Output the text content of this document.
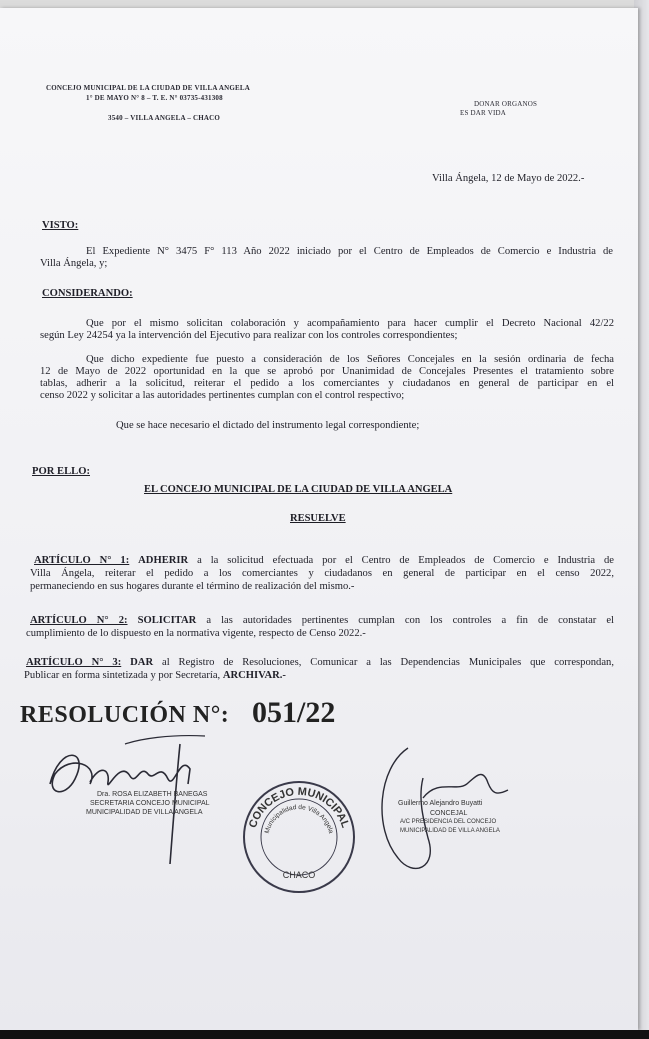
CONCEJO MUNICIPAL DE LA CIUDAD DE VILLA ANGELA
1° DE MAYO N° 8 – T. E. N° 03735-431308
3540 – VILLA ANGELA – CHACO
DONAR ORGANOS
ES DAR VIDA
Villa Ángela, 12 de Mayo de 2022.-
VISTO:
El Expediente N° 3475 F° 113 Año 2022 iniciado por el Centro de Empleados de Comercio e Industria de
Villa Ángela, y;
CONSIDERANDO:
Que por el mismo solicitan colaboración y acompañamiento para hacer cumplir el Decreto Nacional 42/22
según Ley 24254 ya la intervención del Ejecutivo para realizar con los controles correspondientes;
Que dicho expediente fue puesto a consideración de los Señores Concejales en la sesión ordinaria de fecha
12 de Mayo de 2022 oportunidad en la que se aprobó por Unanimidad de Concejales Presentes el tratamiento sobre
tablas, adherir a la solicitud, reiterar el pedido a los comerciantes y ciudadanos en general de participar en el
censo 2022 y solicitar a las autoridades pertinentes cumplan con el control respectivo;
Que se hace necesario el dictado del instrumento legal correspondiente;
POR ELLO:
EL CONCEJO MUNICIPAL DE LA CIUDAD DE VILLA ANGELA
RESUELVE
ARTÍCULO N° 1: ADHERIR a la solicitud efectuada por el Centro de Empleados de Comercio e Industria de
Villa Ángela, reiterar el pedido a los comerciantes y ciudadanos en general de participar en el censo 2022,
permaneciendo en sus hogares durante el término de realización del mismo.-
ARTÍCULO N° 2: SOLICITAR a las autoridades pertinentes cumplan con los controles a fin de constatar el
cumplimiento de lo dispuesto en la normativa vigente, respecto de Censo 2022.-
ARTÍCULO N° 3: DAR al Registro de Resoluciones, Comunicar a las Dependencias Municipales que correspondan,
Publicar en forma sintetizada y por Secretaría, ARCHIVAR.-
RESOLUCIÓN N°: 051/22
Dra. ROSA ELIZABETH BANEGAS
SECRETARIA CONCEJO MUNICIPAL
MUNICIPALIDAD DE VILLA ANGELA
CONCEJO MUNICIPAL
Municipalidad de Villa Angela
CHACO
Guillermo Alejandro Buyatti
CONCEJAL
A/C PRESIDENCIA DEL CONCEJO
MUNICIPALIDAD DE VILLA ANGELA
